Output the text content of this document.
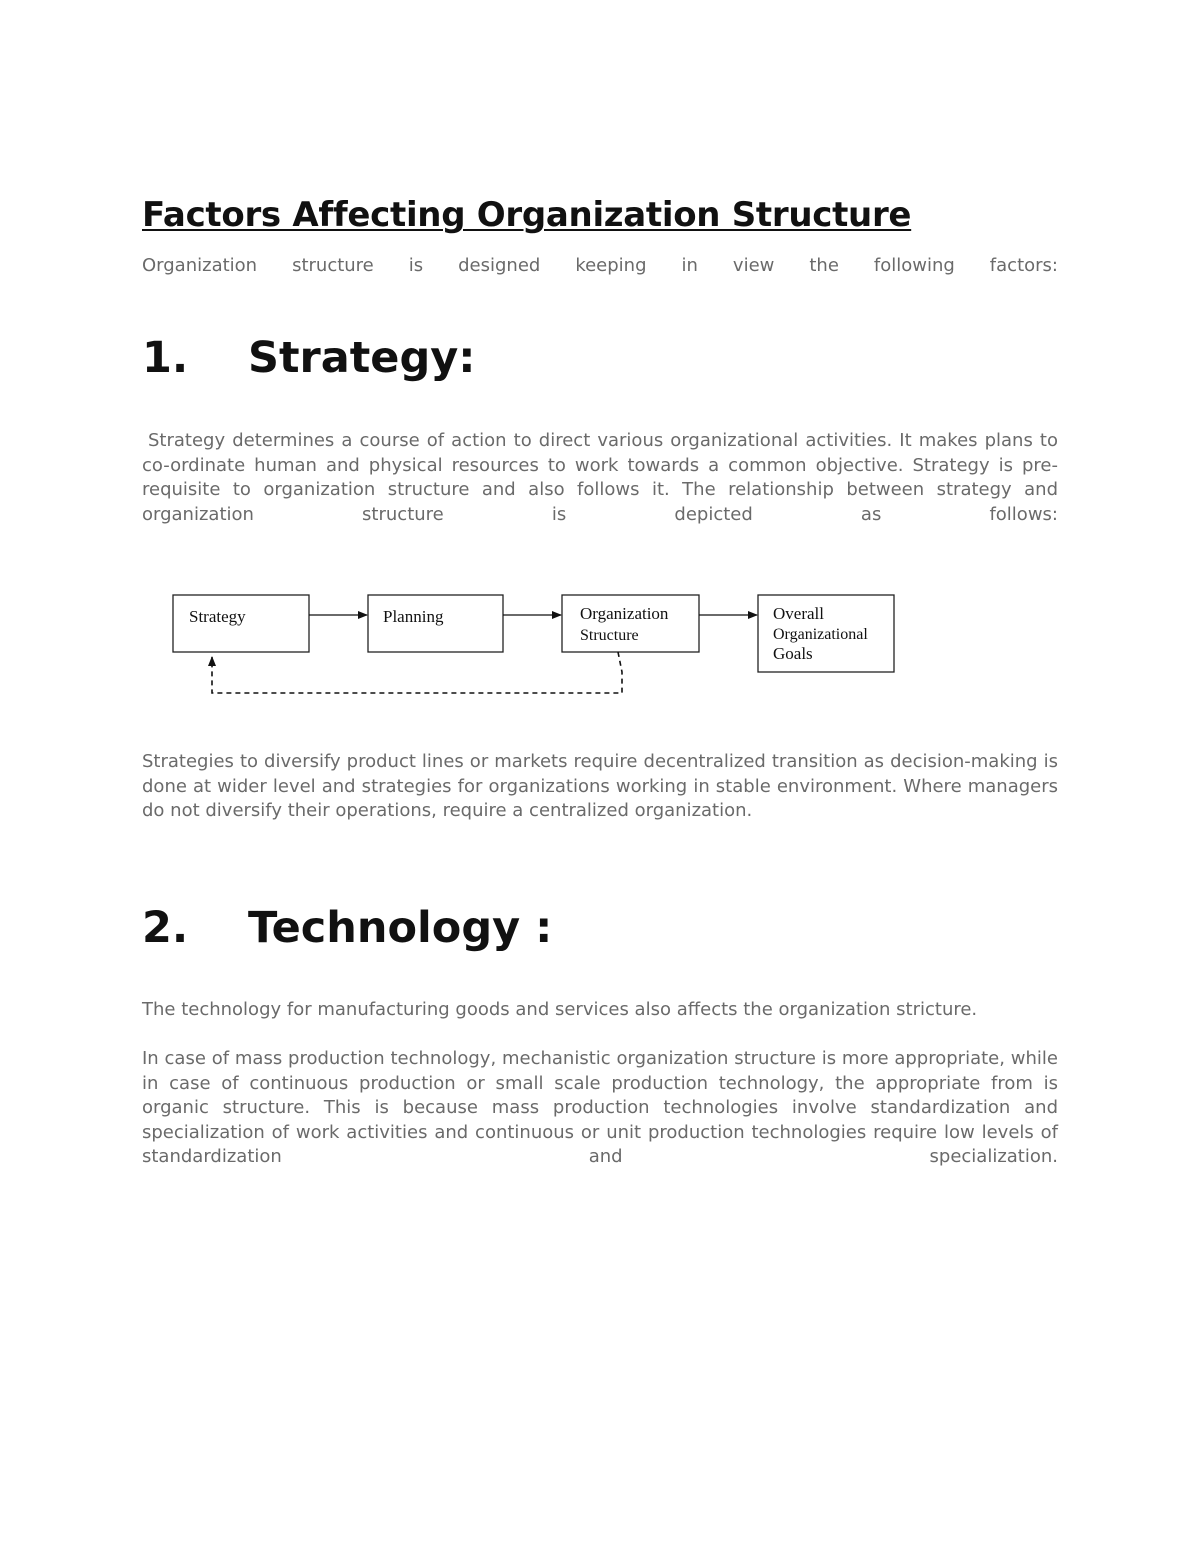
Factors Affecting Organization Structure

Organization structure is designed keeping in view the following factors:

1. Strategy:

Strategy determines a course of action to direct various organizational activities. It makes plans to co-ordinate human and physical resources to work towards a common objective. Strategy is pre-requisite to organization structure and also follows it. The relationship between strategy and organization structure is depicted as follows:

Strategy	Planning	Organization
Structure
Overall
Organizational
Goals

Strategies to diversify product lines or markets require decentralized transition as decision-making is done at wider level and strategies for organizations working in stable environment. Where managers do not diversify their operations, require a centralized organization.

2. Technology :

The technology for manufacturing goods and services also affects the organization stricture.

In case of mass production technology, mechanistic organization structure is more appropriate, while in case of continuous production or small scale production technology, the appropriate from is organic structure. This is because mass production technologies involve standardization and specialization of work activities and continuous or unit production technologies require low levels of standardization and specialization.
